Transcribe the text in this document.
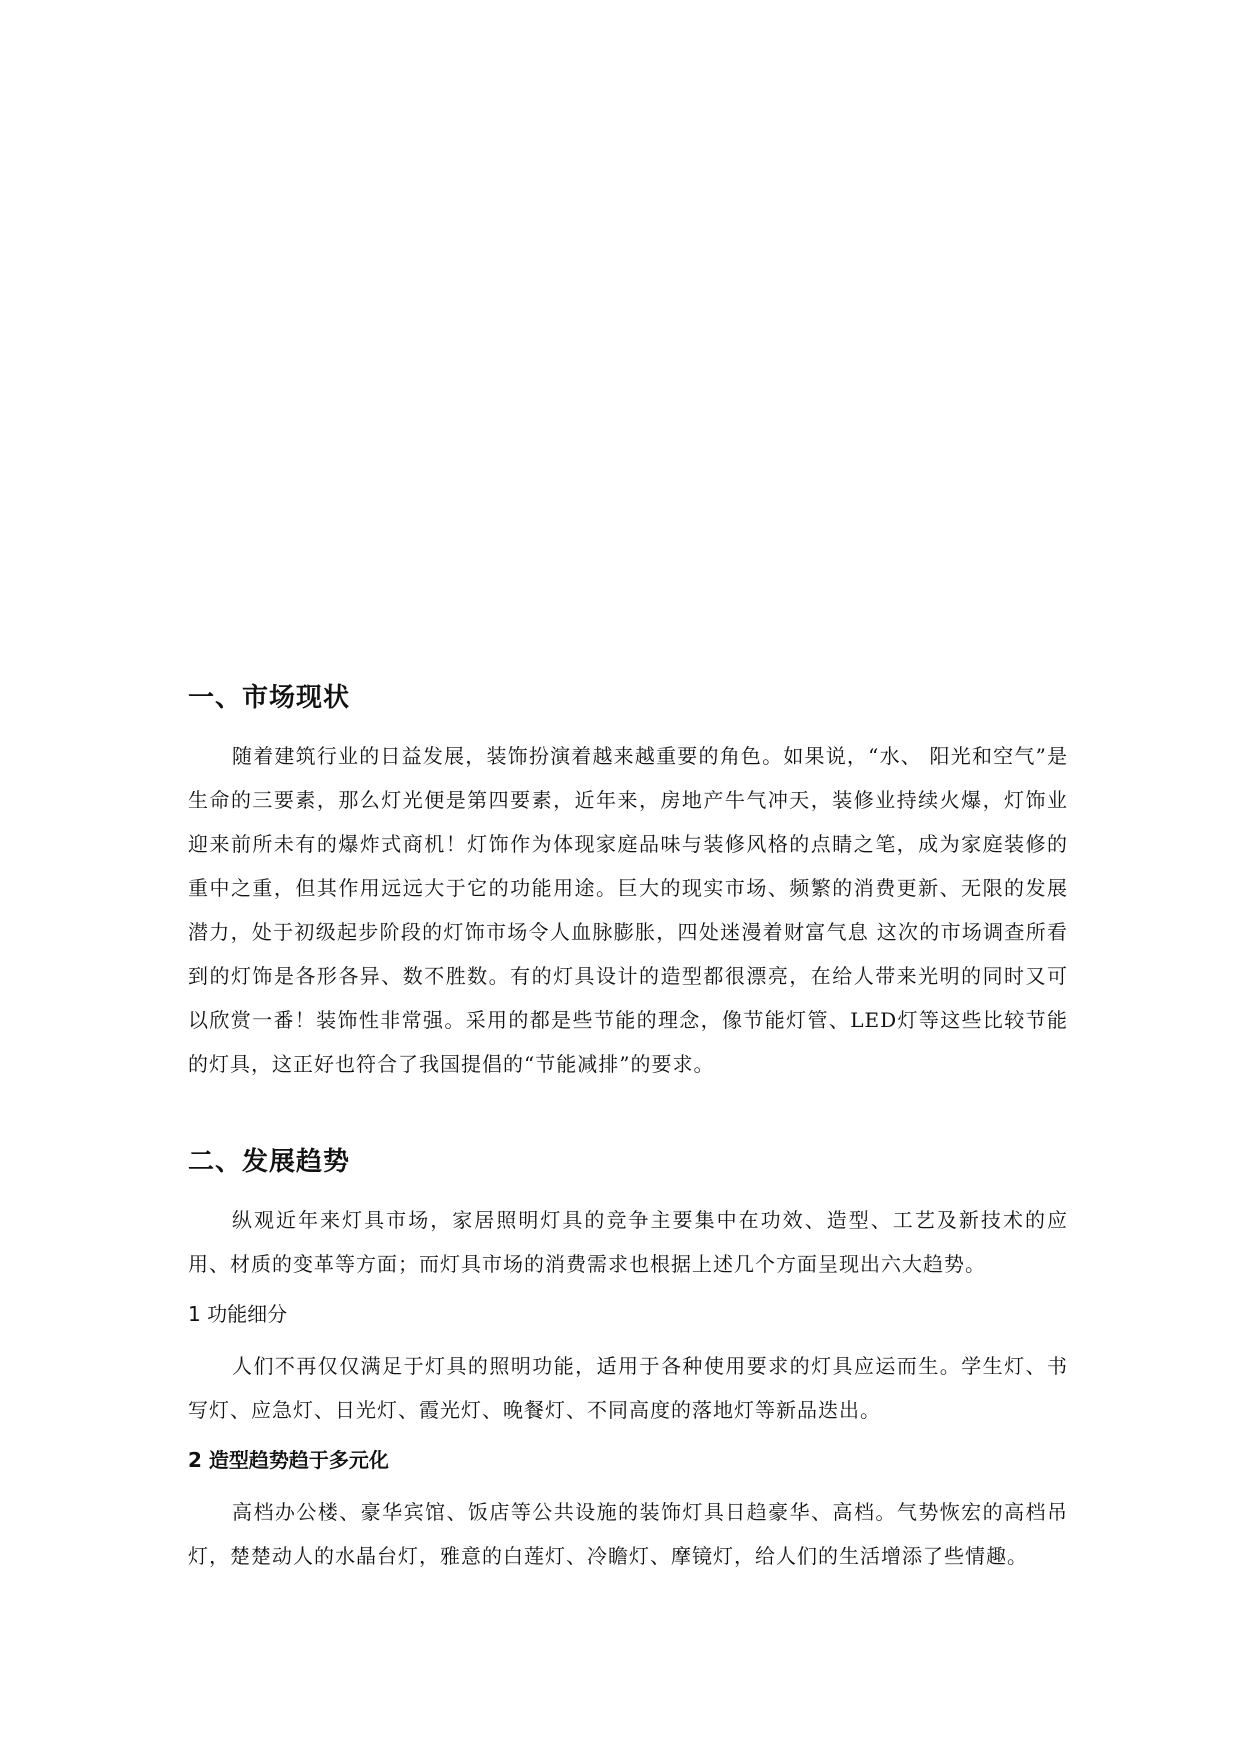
一、市场现状

随着建筑行业的日益发展，装饰扮演着越来越重要的角色。如果说，“水、 阳光和空气”是生命的三要素，那么灯光便是第四要素，近年来，房地产牛气冲天，装修业持续火爆，灯饰业迎来前所未有的爆炸式商机！灯饰作为体现家庭品味与装修风格的点睛之笔，成为家庭装修的重中之重，但其作用远远大于它的功能用途。巨大的现实市场、频繁的消费更新、无限的发展潜力，处于初级起步阶段的灯饰市场令人血脉膨胀，四处迷漫着财富气息 这次的市场调查所看到的灯饰是各形各异、数不胜数。有的灯具设计的造型都很漂亮，在给人带来光明的同时又可以欣赏一番！装饰性非常强。采用的都是些节能的理念，像节能灯管、LED灯等这些比较节能的灯具，这正好也符合了我国提倡的“节能减排”的要求。

二、发展趋势

纵观近年来灯具市场，家居照明灯具的竞争主要集中在功效、造型、工艺及新技术的应用、材质的变革等方面；而灯具市场的消费需求也根据上述几个方面呈现出六大趋势。

1 功能细分

人们不再仅仅满足于灯具的照明功能，适用于各种使用要求的灯具应运而生。学生灯、书写灯、应急灯、日光灯、霞光灯、晚餐灯、不同高度的落地灯等新品迭出。

2 造型趋势趋于多元化

高档办公楼、豪华宾馆、饭店等公共设施的装饰灯具日趋豪华、高档。气势恢宏的高档吊灯，楚楚动人的水晶台灯，雅意的白莲灯、冷瞻灯、摩镜灯，给人们的生活增添了些情趣。
